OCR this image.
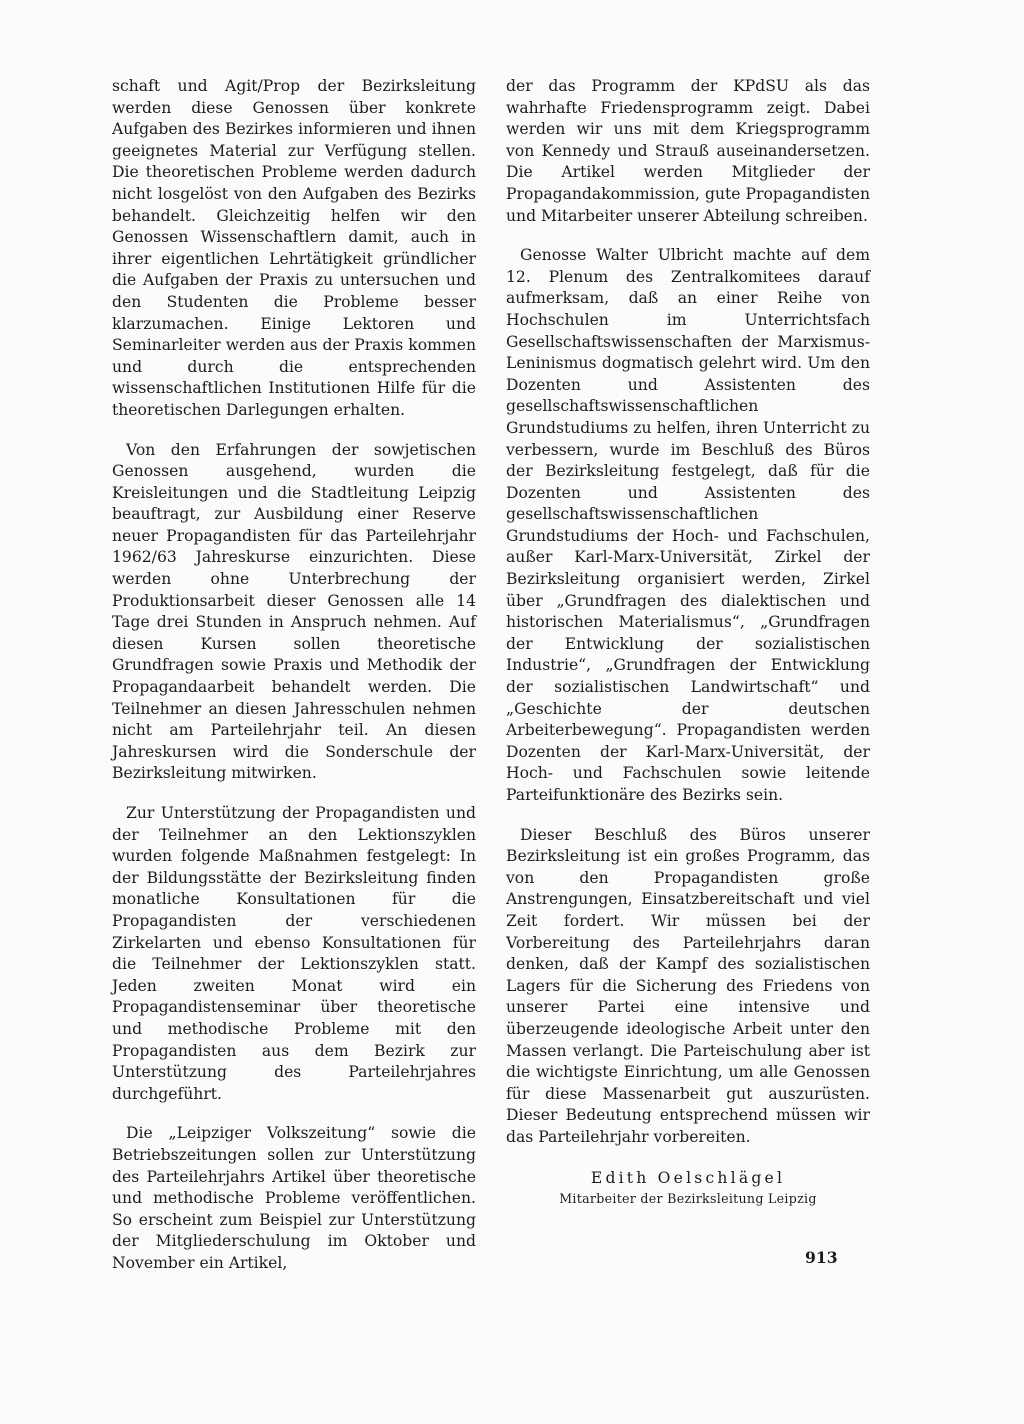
schaft und Agit/Prop der Bezirksleitung werden diese Genossen über konkrete Aufgaben des Bezirkes informieren und ihnen geeignetes Material zur Verfügung stellen. Die theoretischen Probleme werden dadurch nicht losgelöst von den Aufgaben des Bezirks behandelt. Gleichzeitig helfen wir den Genossen Wissenschaftlern damit, auch in ihrer eigentlichen Lehrtätigkeit gründlicher die Aufgaben der Praxis zu untersuchen und den Studenten die Probleme besser klarzumachen. Einige Lektoren und Seminarleiter werden aus der Praxis kommen und durch die entsprechenden wissenschaftlichen Institutionen Hilfe für die theoretischen Darlegungen erhalten.

Von den Erfahrungen der sowjetischen Genossen ausgehend, wurden die Kreisleitungen und die Stadtleitung Leipzig beauftragt, zur Ausbildung einer Reserve neuer Propagandisten für das Parteilehrjahr 1962/63 Jahreskurse einzurichten. Diese werden ohne Unterbrechung der Produktionsarbeit dieser Genossen alle 14 Tage drei Stunden in Anspruch nehmen. Auf diesen Kursen sollen theoretische Grundfragen sowie Praxis und Methodik der Propagandaarbeit behandelt werden. Die Teilnehmer an diesen Jahresschulen nehmen nicht am Parteilehrjahr teil. An diesen Jahreskursen wird die Sonderschule der Bezirksleitung mitwirken.

Zur Unterstützung der Propagandisten und der Teilnehmer an den Lektionszyklen wurden folgende Maßnahmen festgelegt: In der Bildungsstätte der Bezirksleitung finden monatliche Konsultationen für die Propagandisten der verschiedenen Zirkelarten und ebenso Konsultationen für die Teilnehmer der Lektionszyklen statt. Jeden zweiten Monat wird ein Propagandistenseminar über theoretische und methodische Probleme mit den Propagandisten aus dem Bezirk zur Unterstützung des Parteilehrjahres durchgeführt.

Die „Leipziger Volkszeitung“ sowie die Betriebszeitungen sollen zur Unterstützung des Parteilehrjahrs Artikel über theoretische und methodische Probleme veröffentlichen. So erscheint zum Beispiel zur Unterstützung der Mitgliederschulung im Oktober und November ein Artikel,

der das Programm der KPdSU als das wahrhafte Friedensprogramm zeigt. Dabei werden wir uns mit dem Kriegsprogramm von Kennedy und Strauß auseinandersetzen. Die Artikel werden Mitglieder der Propagandakommission, gute Propagandisten und Mitarbeiter unserer Abteilung schreiben.

Genosse Walter Ulbricht machte auf dem 12. Plenum des Zentralkomitees darauf aufmerksam, daß an einer Reihe von Hochschulen im Unterrichtsfach Gesellschaftswissenschaften der Marxismus-Leninismus dogmatisch gelehrt wird. Um den Dozenten und Assistenten des gesellschaftswissenschaftlichen Grundstudiums zu helfen, ihren Unterricht zu verbessern, wurde im Beschluß des Büros der Bezirksleitung festgelegt, daß für die Dozenten und Assistenten des gesellschaftswissenschaftlichen Grundstudiums der Hoch- und Fachschulen, außer Karl-Marx-Universität, Zirkel der Bezirksleitung organisiert werden, Zirkel über „Grundfragen des dialektischen und historischen Materialismus“, „Grundfragen der Entwicklung der sozialistischen Industrie“, „Grundfragen der Entwicklung der sozialistischen Landwirtschaft“ und „Geschichte der deutschen Arbeiterbewegung“. Propagandisten werden Dozenten der Karl-Marx-Universität, der Hoch- und Fachschulen sowie leitende Parteifunktionäre des Bezirks sein.

Dieser Beschluß des Büros unserer Bezirksleitung ist ein großes Programm, das von den Propagandisten große Anstrengungen, Einsatzbereitschaft und viel Zeit fordert. Wir müssen bei der Vorbereitung des Parteilehrjahrs daran denken, daß der Kampf des sozialistischen Lagers für die Sicherung des Friedens von unserer Partei eine intensive und überzeugende ideologische Arbeit unter den Massen verlangt. Die Parteischulung aber ist die wichtigste Einrichtung, um alle Genossen für diese Massenarbeit gut auszurüsten. Dieser Bedeutung entsprechend müssen wir das Parteilehrjahr vorbereiten.

Edith Oelschlägel
Mitarbeiter der Bezirksleitung Leipzig
913
